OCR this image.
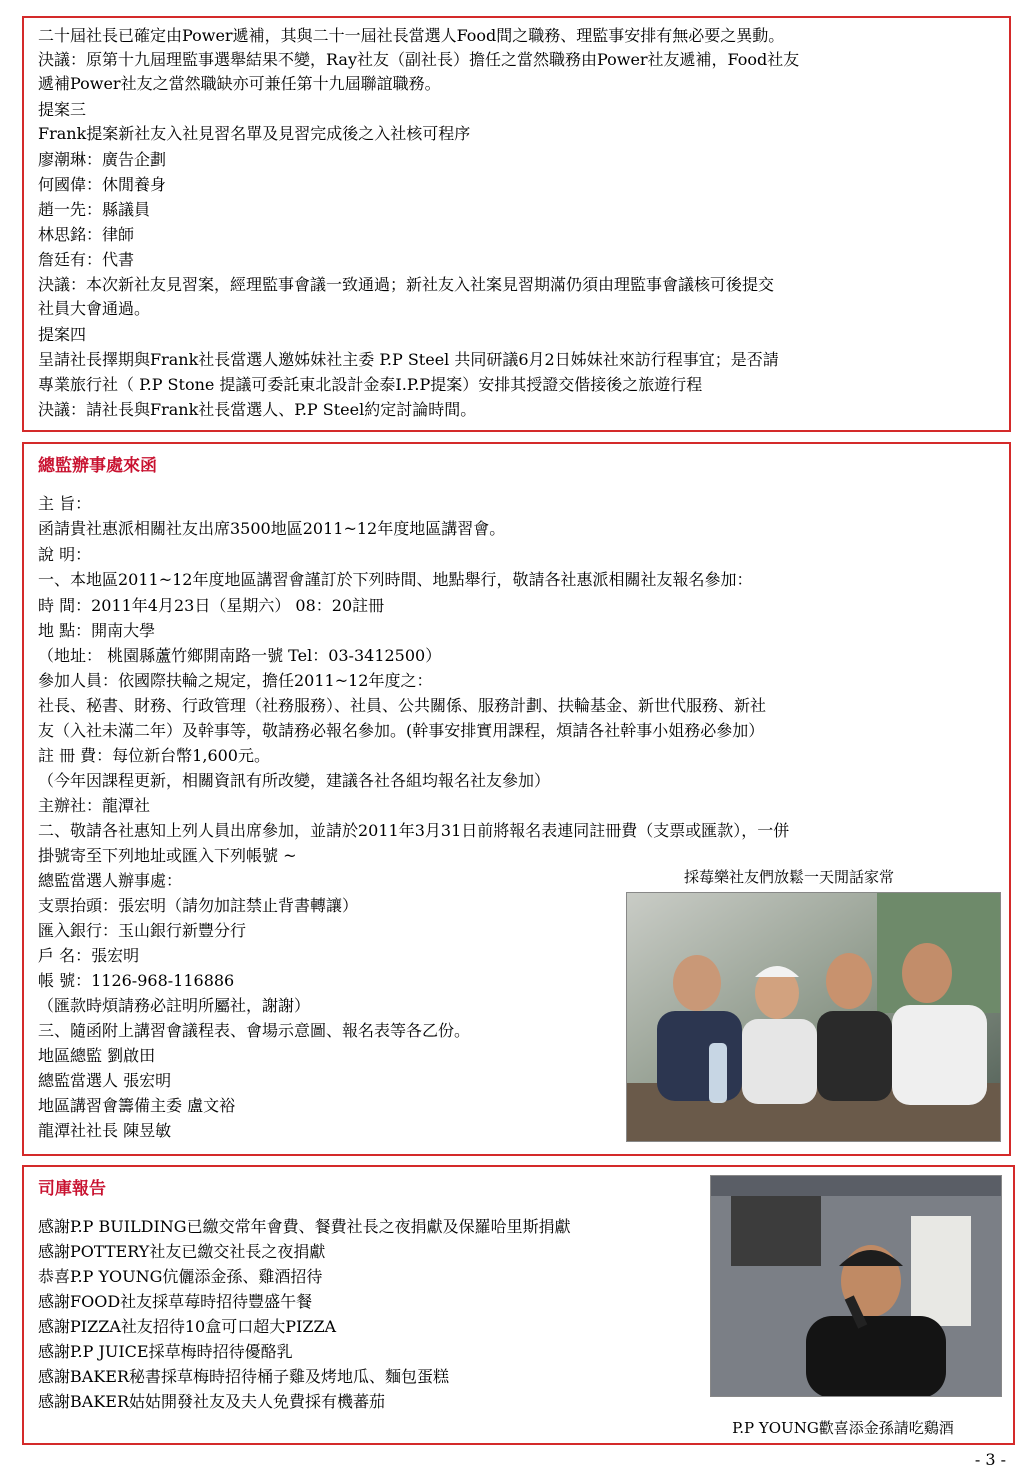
二十屆社長已確定由Power遞補，其與二十一屆社長當選人Food間之職務、理監事安排有無必要之異動。
決議：原第十九屆理監事選舉結果不變，Ray社友（副社長）擔任之當然職務由Power社友遞補，Food社友
遞補Power社友之當然職缺亦可兼任第十九屆聯誼職務。
提案三
Frank提案新社友入社見習名單及見習完成後之入社核可程序
廖潮琳：廣告企劃
何國偉：休閒養身
趙一先：縣議員
林思銘：律師
詹廷有：代書
決議：本次新社友見習案，經理監事會議一致通過；新社友入社案見習期滿仍須由理監事會議核可後提交
社員大會通過。
提案四
呈請社長擇期與Frank社長當選人邀姊妹社主委 P.P Steel 共同研議6月2日姊妹社來訪行程事宜；是否請
專業旅行社（ P.P Stone 提議可委託東北設計金泰I.P.P提案）安排其授證交偕接後之旅遊行程
決議：請社長與Frank社長當選人、P.P Steel約定討論時間。
總監辦事處來函
主 旨：
函請貴社惠派相關社友出席3500地區2011~12年度地區講習會。
說 明：
一、本地區2011~12年度地區講習會謹訂於下列時間、地點舉行，敬請各社惠派相關社友報名參加：
時 間：2011年4月23日（星期六） 08：20註冊
地 點：開南大學
（地址： 桃園縣蘆竹鄉開南路一號 Tel：03-3412500）
參加人員：依國際扶輪之規定，擔任2011~12年度之：
社長、秘書、財務、行政管理（社務服務）、社員、公共關係、服務計劃、扶輪基金、新世代服務、新社
友（入社未滿二年）及幹事等，敬請務必報名參加。(幹事安排實用課程，煩請各社幹事小姐務必參加）
註 冊 費：每位新台幣1,600元。
（今年因課程更新，相關資訊有所改變，建議各社各組均報名社友參加）
主辦社：龍潭社
二、敬請各社惠知上列人員出席參加，並請於2011年3月31日前將報名表連同註冊費（支票或匯款），一併
掛號寄至下列地址或匯入下列帳號 ~
總監當選人辦事處：
支票抬頭：張宏明（請勿加註禁止背書轉讓）
匯入銀行：玉山銀行新豐分行
戶 名：張宏明
帳 號：1126-968-116886
（匯款時煩請務必註明所屬社，謝謝）
三、隨函附上講習會議程表、會場示意圖、報名表等各乙份。
地區總監 劉啟田
總監當選人 張宏明
地區講習會籌備主委 盧文裕
龍潭社社長 陳昱敏
採莓樂社友們放鬆一天閒話家常
司庫報告
感謝P.P BUILDING已繳交常年會費、餐費社長之夜捐獻及保羅哈里斯捐獻
感謝POTTERY社友已繳交社長之夜捐獻
恭喜P.P YOUNG伉儷添金孫、雞酒招待
感謝FOOD社友採草莓時招待豐盛午餐
感謝PIZZA社友招待10盒可口超大PIZZA
感謝P.P JUICE採草梅時招待優酪乳
感謝BAKER秘書採草梅時招待桶子雞及烤地瓜、麵包蛋糕
感謝BAKER姑姑開發社友及夫人免費採有機蕃茄
P.P YOUNG歡喜添金孫請吃鷄酒
- 3 -
